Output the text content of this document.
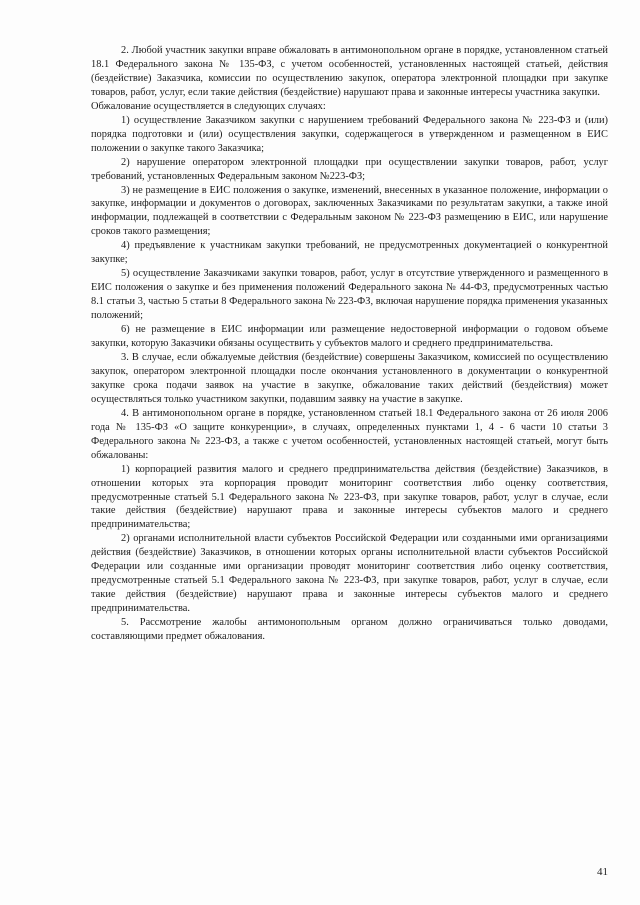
2. Любой участник закупки вправе обжаловать в антимонопольном органе в порядке, установленном статьей 18.1 Федерального закона № 135-ФЗ, с учетом особенностей, установленных настоящей статьей, действия (бездействие) Заказчика, комиссии по осуществлению закупок, оператора электронной площадки при закупке товаров, работ, услуг, если такие действия (бездействие) нарушают права и законные интересы участника закупки.

Обжалование осуществляется в следующих случаях:

1) осуществление Заказчиком закупки с нарушением требований Федерального закона № 223-ФЗ и (или) порядка подготовки и (или) осуществления закупки, содержащегося в утвержденном и размещенном в ЕИС положении о закупке такого Заказчика;

2) нарушение оператором электронной площадки при осуществлении закупки товаров, работ, услуг требований, установленных Федеральным законом №223-ФЗ;

3) не размещение в ЕИС положения о закупке, изменений, внесенных в указанное положение, информации о закупке, информации и документов о договорах, заключенных Заказчиками по результатам закупки, а также иной информации, подлежащей в соответствии с Федеральным законом № 223-ФЗ размещению в ЕИС, или нарушение сроков такого размещения;

4) предъявление к участникам закупки требований, не предусмотренных документацией о конкурентной закупке;

5) осуществление Заказчиками закупки товаров, работ, услуг в отсутствие утвержденного и размещенного в ЕИС положения о закупке и без применения положений Федерального закона № 44-ФЗ, предусмотренных частью 8.1 статьи 3, частью 5 статьи 8 Федерального закона № 223-ФЗ, включая нарушение порядка применения указанных положений;

6) не размещение в ЕИС информации или размещение недостоверной информации о годовом объеме закупки, которую Заказчики обязаны осуществить у субъектов малого и среднего предпринимательства.

3. В случае, если обжалуемые действия (бездействие) совершены Заказчиком, комиссией по осуществлению закупок, оператором электронной площадки после окончания установленного в документации о конкурентной закупке срока подачи заявок на участие в закупке, обжалование таких действий (бездействия) может осуществляться только участником закупки, подавшим заявку на участие в закупке.

4. В антимонопольном органе в порядке, установленном статьей 18.1 Федерального закона от 26 июля 2006 года № 135-ФЗ «О защите конкуренции», в случаях, определенных пунктами 1, 4 - 6 части 10 статьи 3 Федерального закона № 223-ФЗ, а также с учетом особенностей, установленных настоящей статьей, могут быть обжалованы:

1) корпорацией развития малого и среднего предпринимательства действия (бездействие) Заказчиков, в отношении которых эта корпорация проводит мониторинг соответствия либо оценку соответствия, предусмотренные статьей 5.1 Федерального закона № 223-ФЗ, при закупке товаров, работ, услуг в случае, если такие действия (бездействие) нарушают права и законные интересы субъектов малого и среднего предпринимательства;

2) органами исполнительной власти субъектов Российской Федерации или созданными ими организациями действия (бездействие) Заказчиков, в отношении которых органы исполнительной власти субъектов Российской Федерации или созданные ими организации проводят мониторинг соответствия либо оценку соответствия, предусмотренные статьей 5.1 Федерального закона № 223-ФЗ, при закупке товаров, работ, услуг в случае, если такие действия (бездействие) нарушают права и законные интересы субъектов малого и среднего предпринимательства.

5. Рассмотрение жалобы антимонопольным органом должно ограничиваться только доводами, составляющими предмет обжалования.

41
